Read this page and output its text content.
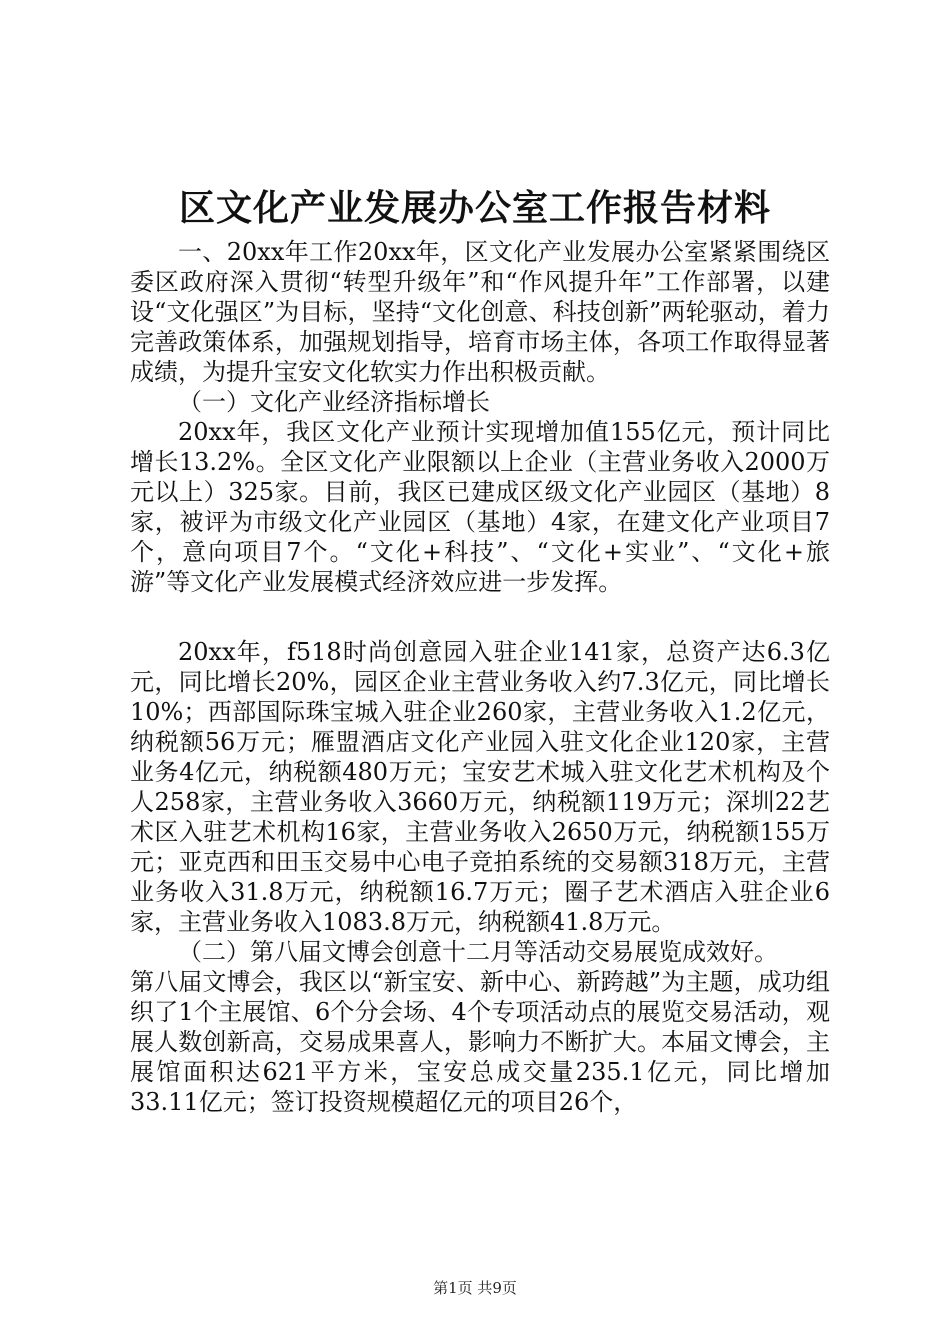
区文化产业发展办公室工作报告材料

一、20xx年工作20xx年，区文化产业发展办公室紧紧围绕区委区政府深入贯彻“转型升级年”和“作风提升年”工作部署，以建设“文化强区”为目标，坚持“文化创意、科技创新”两轮驱动，着力完善政策体系，加强规划指导，培育市场主体，各项工作取得显著成绩，为提升宝安文化软实力作出积极贡献。

（一）文化产业经济指标增长

20xx年，我区文化产业预计实现增加值155亿元，预计同比增长13.2%。全区文化产业限额以上企业（主营业务收入2000万元以上）325家。目前，我区已建成区级文化产业园区（基地）8家，被评为市级文化产业园区（基地）4家，在建文化产业项目7个，意向项目7个。“文化+科技”、“文化+实业”、“文化+旅游”等文化产业发展模式经济效应进一步发挥。

20xx年，f518时尚创意园入驻企业141家，总资产达6.3亿元，同比增长20%，园区企业主营业务收入约7.3亿元，同比增长10%；西部国际珠宝城入驻企业260家，主营业务收入1.2亿元，纳税额56万元；雁盟酒店文化产业园入驻文化企业120家，主营业务4亿元，纳税额480万元；宝安艺术城入驻文化艺术机构及个人258家，主营业务收入3660万元，纳税额119万元；深圳22艺术区入驻艺术机构16家，主营业务收入2650万元，纳税额155万元；亚克西和田玉交易中心电子竞拍系统的交易额318万元，主营业务收入31.8万元，纳税额16.7万元；圈子艺术酒店入驻企业6家，主营业务收入1083.8万元，纳税额41.8万元。

（二）第八届文博会创意十二月等活动交易展览成效好。

第八届文博会，我区以“新宝安、新中心、新跨越”为主题，成功组织了1个主展馆、6个分会场、4个专项活动点的展览交易活动，观展人数创新高，交易成果喜人，影响力不断扩大。本届文博会，主展馆面积达621平方米，宝安总成交量235.1亿元，同比增加33.11亿元；签订投资规模超亿元的项目26个，

第1页 共9页
